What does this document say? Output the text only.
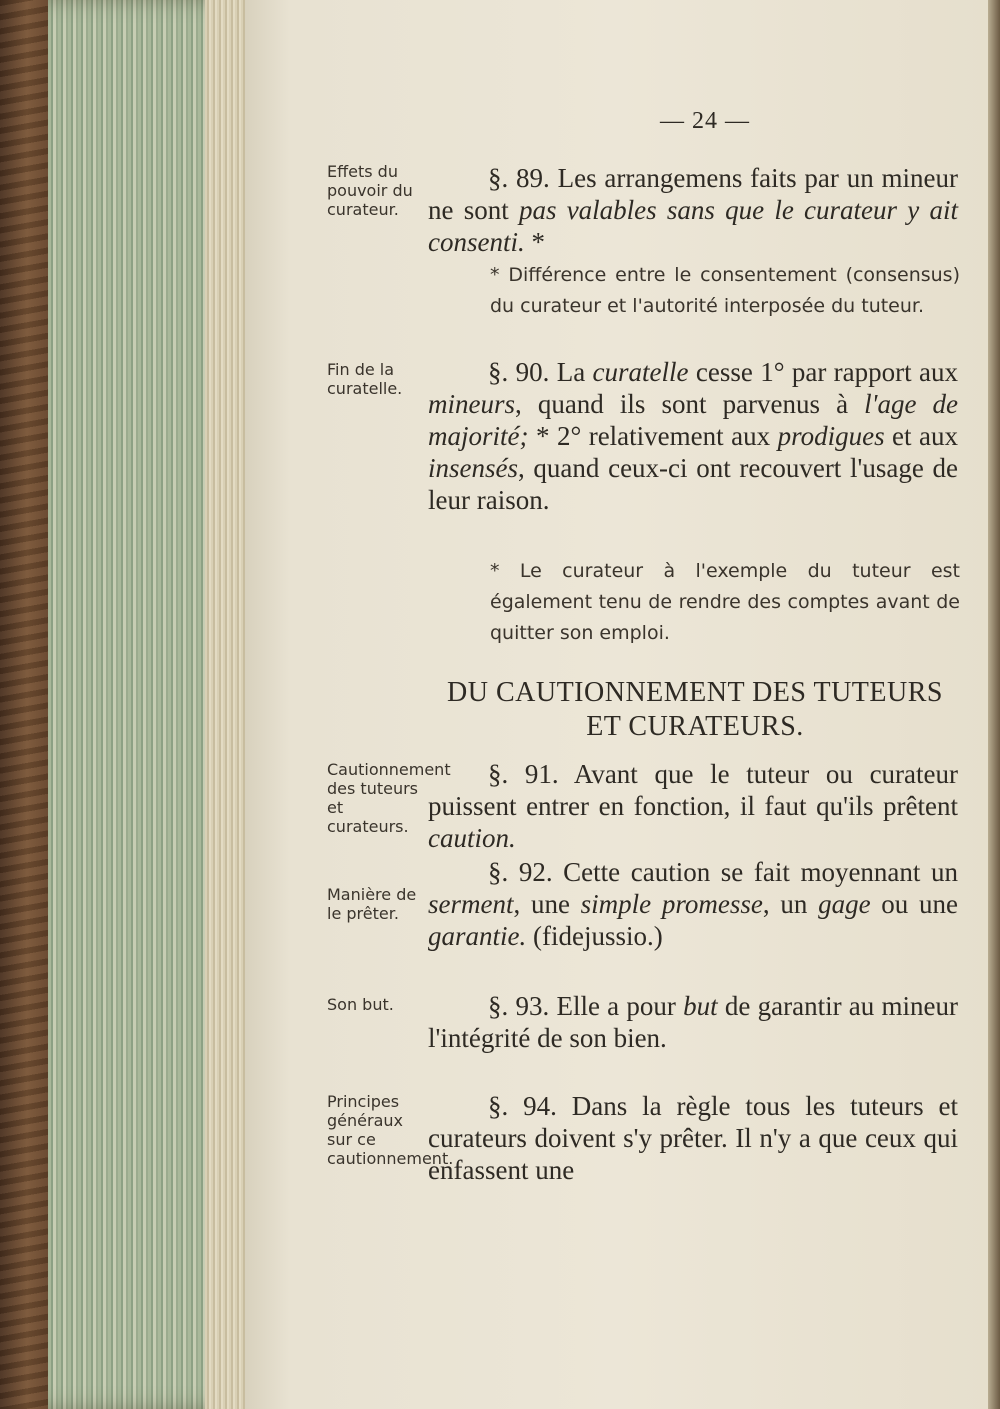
— 24 —
Effets du pouvoir du curateur.
§. 89. Les arrangemens faits par un mineur ne sont pas valables sans que le curateur y ait consenti. *
* Différence entre le consentement (consensus) du curateur et l'autorité interposée du tuteur.
Fin de la curatelle.
§. 90. La curatelle cesse 1° par rapport aux mineurs, quand ils sont parvenus à l'age de majorité; * 2° relativement aux prodigues et aux insensés, quand ceux-ci ont recouvert l'usage de leur raison.
* Le curateur à l'exemple du tuteur est également tenu de rendre des comptes avant de quitter son emploi.
DU CAUTIONNEMENT DES TUTEURS ET CURATEURS.
Cautionnement des tuteurs et curateurs.
§. 91. Avant que le tuteur ou curateur puissent entrer en fonction, il faut qu'ils prêtent caution.
Manière de le prêter.
§. 92. Cette caution se fait moyennant un serment, une simple promesse, un gage ou une garantie. (fidejussio.)
Son but.	§. 93. Elle a pour but de garantir au mineur l'intégrité de son bien.
Principes généraux sur ce cautionnement.
§. 94. Dans la règle tous les tuteurs et curateurs doivent s'y prêter. Il n'y a que ceux qui enfassent une
